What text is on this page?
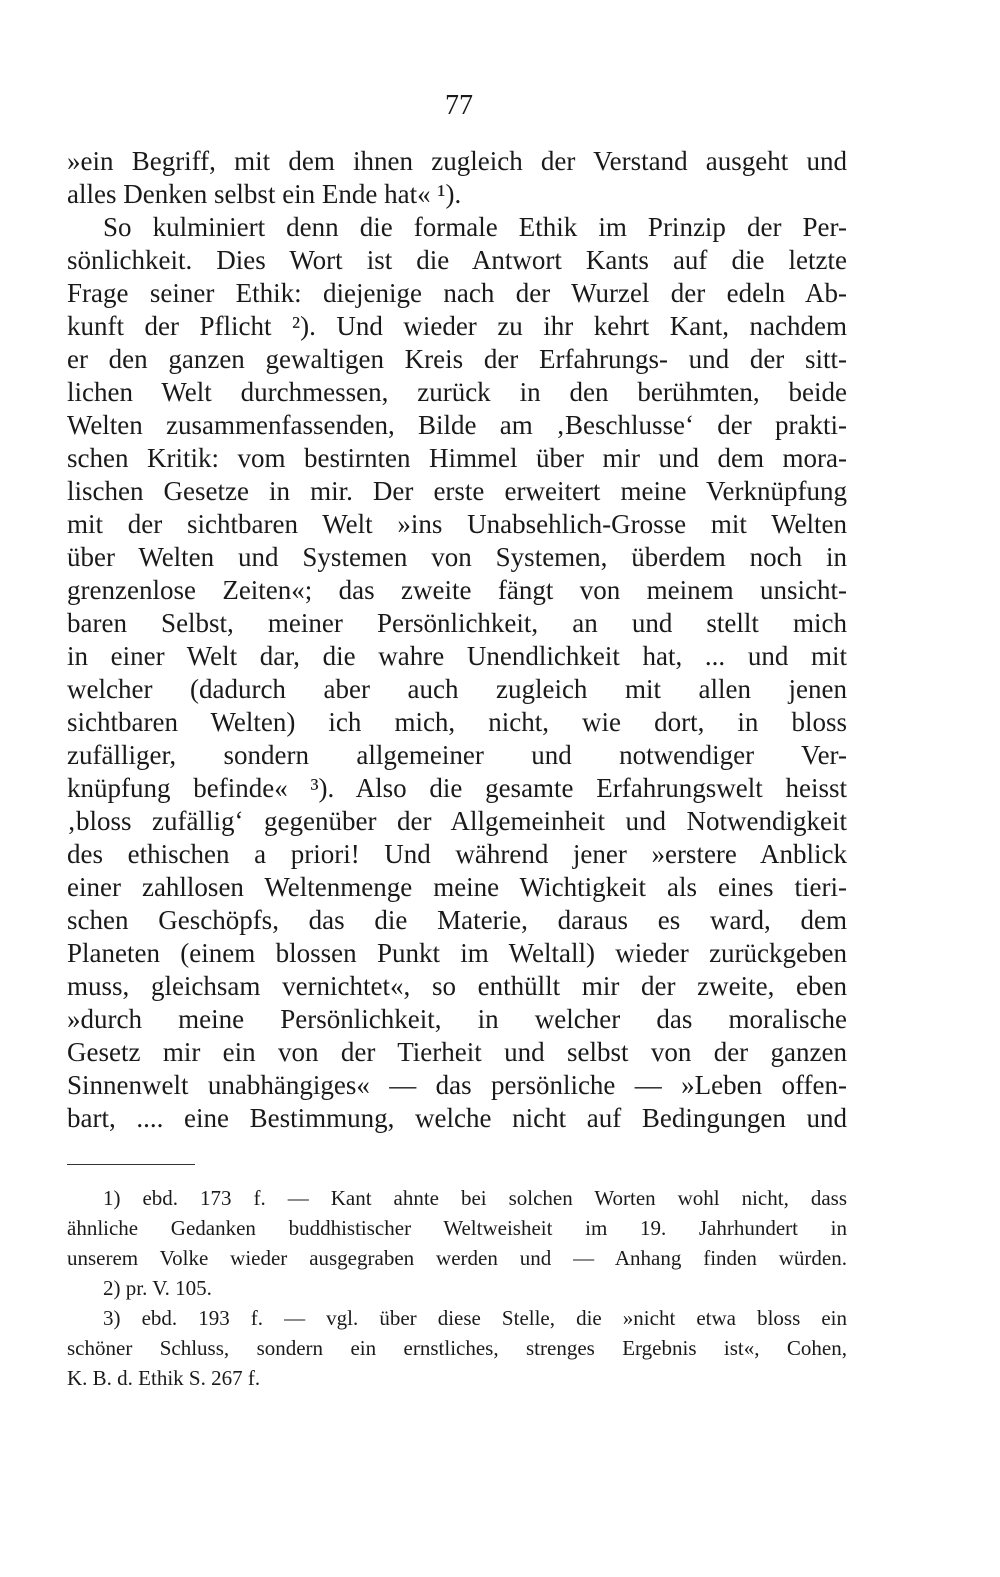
77
»ein Begriff, mit dem ihnen zugleich der Verstand ausgeht und
alles Denken selbst ein Ende hat« ¹).
So kulminiert denn die formale Ethik im Prinzip der Per-
sönlichkeit. Dies Wort ist die Antwort Kants auf die letzte
Frage seiner Ethik: diejenige nach der Wurzel der edeln Ab-
kunft der Pflicht ²). Und wieder zu ihr kehrt Kant, nachdem
er den ganzen gewaltigen Kreis der Erfahrungs- und der sitt-
lichen Welt durchmessen, zurück in den berühmten, beide
Welten zusammenfassenden, Bilde am ‚Beschlusse‘ der prakti-
schen Kritik: vom bestirnten Himmel über mir und dem mora-
lischen Gesetze in mir. Der erste erweitert meine Verknüpfung
mit der sichtbaren Welt »ins Unabsehlich-Grosse mit Welten
über Welten und Systemen von Systemen, überdem noch in
grenzenlose Zeiten«; das zweite fängt von meinem unsicht-
baren Selbst, meiner Persönlichkeit, an und stellt mich
in einer Welt dar, die wahre Unendlichkeit hat, ... und mit
welcher (dadurch aber auch zugleich mit allen jenen
sichtbaren Welten) ich mich, nicht, wie dort, in bloss
zufälliger, sondern allgemeiner und notwendiger Ver-
knüpfung befinde« ³). Also die gesamte Erfahrungswelt heisst
‚bloss zufällig‘ gegenüber der Allgemeinheit und Notwendigkeit
des ethischen a priori! Und während jener »erstere Anblick
einer zahllosen Weltenmenge meine Wichtigkeit als eines tieri-
schen Geschöpfs, das die Materie, daraus es ward, dem
Planeten (einem blossen Punkt im Weltall) wieder zurückgeben
muss, gleichsam vernichtet«, so enthüllt mir der zweite, eben
»durch meine Persönlichkeit, in welcher das moralische
Gesetz mir ein von der Tierheit und selbst von der ganzen
Sinnenwelt unabhängiges« — das persönliche — »Leben offen-
bart, .... eine Bestimmung, welche nicht auf Bedingungen und
1) ebd. 173 f. — Kant ahnte bei solchen Worten wohl nicht, dass
ähnliche Gedanken buddhistischer Weltweisheit im 19. Jahrhundert in
unserem Volke wieder ausgegraben werden und — Anhang finden würden.
2) pr. V. 105.
3) ebd. 193 f. — vgl. über diese Stelle, die »nicht etwa bloss ein
schöner Schluss, sondern ein ernstliches, strenges Ergebnis ist«, Cohen,
K. B. d. Ethik S. 267 f.
